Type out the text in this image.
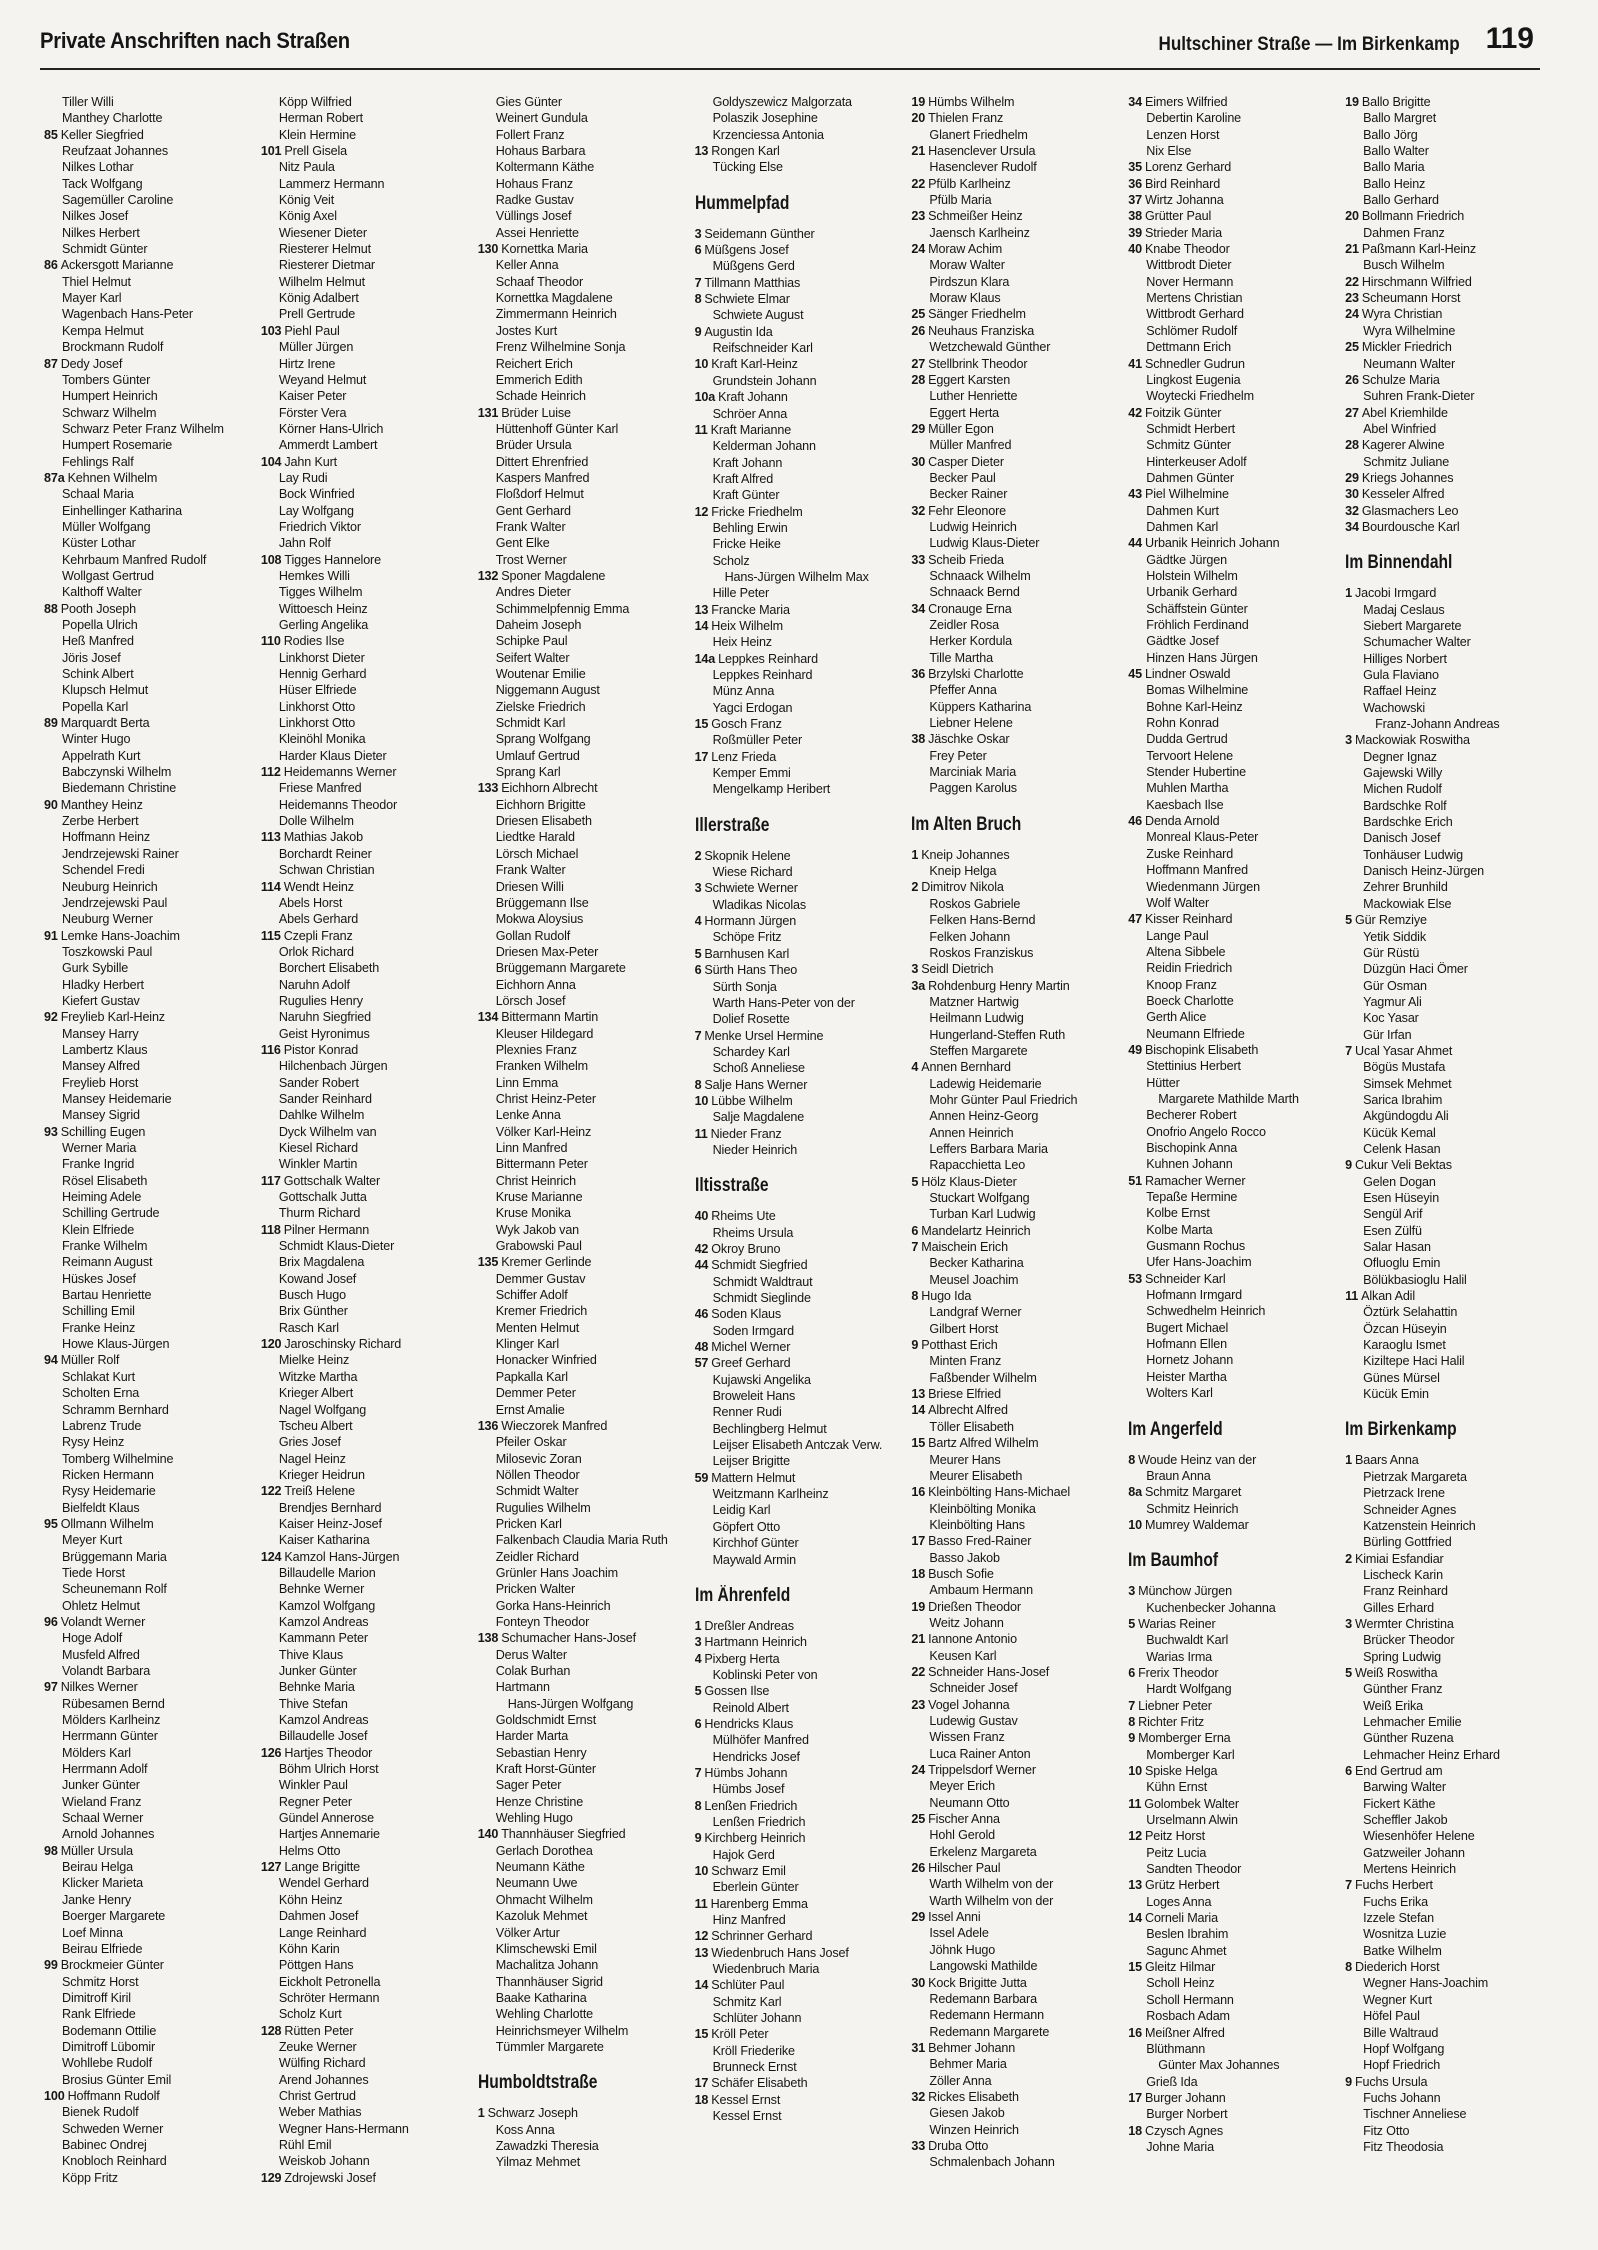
Private Anschriften nach Straßen	Hultschiner Straße — Im Birkenkamp 119
Tiller Willi
Manthey Charlotte
85 Keller Siegfried
Reufzaat Johannes
Nilkes Lothar
Tack Wolfgang
Sagemüller Caroline
Nilkes Josef
Nilkes Herbert
Schmidt Günter
86 Ackersgott Marianne
Thiel Helmut
Mayer Karl
Wagenbach Hans-Peter
Kempa Helmut
Brockmann Rudolf
87 Dedy Josef
Tombers Günter
Humpert Heinrich
Schwarz Wilhelm
Schwarz Peter Franz Wilhelm
Humpert Rosemarie
Fehlings Ralf
87a Kehnen Wilhelm
Schaal Maria
Einhellinger Katharina
Müller Wolfgang
Küster Lothar
Kehrbaum Manfred Rudolf
Wollgast Gertrud
Kalthoff Walter
88 Pooth Joseph
Popella Ulrich
Heß Manfred
Jöris Josef
Schink Albert
Klupsch Helmut
Popella Karl
89 Marquardt Berta
Winter Hugo
Appelrath Kurt
Babczynski Wilhelm
Biedemann Christine
90 Manthey Heinz
Zerbe Herbert
Hoffmann Heinz
Jendrzejewski Rainer
Schendel Fredi
Neuburg Heinrich
Jendrzejewski Paul
Neuburg Werner
91 Lemke Hans-Joachim
Toszkowski Paul
Gurk Sybille
Hladky Herbert
Kiefert Gustav
92 Freylieb Karl-Heinz
Mansey Harry
Lambertz Klaus
Mansey Alfred
Freylieb Horst
Mansey Heidemarie
Mansey Sigrid
93 Schilling Eugen
Werner Maria
Franke Ingrid
Rösel Elisabeth
Heiming Adele
Schilling Gertrude
Klein Elfriede
Franke Wilhelm
Reimann August
Hüskes Josef
Bartau Henriette
Schilling Emil
Franke Heinz
Howe Klaus-Jürgen
94 Müller Rolf
Schlakat Kurt
Scholten Erna
Schramm Bernhard
Labrenz Trude
Rysy Heinz
Tomberg Wilhelmine
Ricken Hermann
Rysy Heidemarie
Bielfeldt Klaus
95 Ollmann Wilhelm
Meyer Kurt
Brüggemann Maria
Tiede Horst
Scheunemann Rolf
Ohletz Helmut
96 Volandt Werner
Hoge Adolf
Musfeld Alfred
Volandt Barbara
97 Nilkes Werner
Rübesamen Bernd
Mölders Karlheinz
Herrmann Günter
Mölders Karl
Herrmann Adolf
Junker Günter
Wieland Franz
Schaal Werner
Arnold Johannes
98 Müller Ursula
Beirau Helga
Klicker Marieta
Janke Henry
Boerger Margarete
Loef Minna
Beirau Elfriede
99 Brockmeier Günter
Schmitz Horst
Dimitroff Kiril
Rank Elfriede
Bodemann Ottilie
Dimitroff Lübomir
Wohllebe Rudolf
Brosius Günter Emil
100 Hoffmann Rudolf
Bienek Rudolf
Schweden Werner
Babinec Ondrej
Knobloch Reinhard
Köpp Fritz
Köpp Wilfried
Herman Robert
Klein Hermine
101 Prell Gisela
Nitz Paula
Lammerz Hermann
König Veit
König Axel
Wiesener Dieter
Riesterer Helmut
Riesterer Dietmar
Wilhelm Helmut
König Adalbert
Prell Gertrude
103 Piehl Paul
Müller Jürgen
Hirtz Irene
Weyand Helmut
Kaiser Peter
Förster Vera
Körner Hans-Ulrich
Ammerdt Lambert
104 Jahn Kurt
Lay Rudi
Bock Winfried
Lay Wolfgang
Friedrich Viktor
Jahn Rolf
108 Tigges Hannelore
Hemkes Willi
Tigges Wilhelm
Wittoesch Heinz
Gerling Angelika
110 Rodies Ilse
Linkhorst Dieter
Hennig Gerhard
Hüser Elfriede
Linkhorst Otto
Linkhorst Otto
Kleinöhl Monika
Harder Klaus Dieter
112 Heidemanns Werner
Friese Manfred
Heidemanns Theodor
Dolle Wilhelm
113 Mathias Jakob
Borchardt Reiner
Schwan Christian
114 Wendt Heinz
Abels Horst
Abels Gerhard
115 Czepli Franz
Orlok Richard
Borchert Elisabeth
Naruhn Adolf
Rugulies Henry
Naruhn Siegfried
Geist Hyronimus
116 Pistor Konrad
Hilchenbach Jürgen
Sander Robert
Sander Reinhard
Dahlke Wilhelm
Dyck Wilhelm van
Kiesel Richard
Winkler Martin
117 Gottschalk Walter
Gottschalk Jutta
Thurm Richard
118 Pilner Hermann
Schmidt Klaus-Dieter
Brix Magdalena
Kowand Josef
Busch Hugo
Brix Günther
Rasch Karl
120 Jaroschinsky Richard
Mielke Heinz
Witzke Martha
Krieger Albert
Nagel Wolfgang
Tscheu Albert
Gries Josef
Nagel Heinz
Krieger Heidrun
122 Treiß Helene
Brendjes Bernhard
Kaiser Heinz-Josef
Kaiser Katharina
124 Kamzol Hans-Jürgen
Billaudelle Marion
Behnke Werner
Kamzol Wolfgang
Kamzol Andreas
Kammann Peter
Thive Klaus
Junker Günter
Behnke Maria
Thive Stefan
Kamzol Andreas
Billaudelle Josef
126 Hartjes Theodor
Böhm Ulrich Horst
Winkler Paul
Regner Peter
Gündel Annerose
Hartjes Annemarie
Helms Otto
127 Lange Brigitte
Wendel Gerhard
Köhn Heinz
Dahmen Josef
Lange Reinhard
Köhn Karin
Pöttgen Hans
Eickholt Petronella
Schröter Hermann
Scholz Kurt
128 Rütten Peter
Zeuke Werner
Wülfing Richard
Arend Johannes
Christ Gertrud
Weber Mathias
Wegner Hans-Hermann
Rühl Emil
Weiskob Johann
129 Zdrojewski Josef
Gies Günter
Weinert Gundula
Follert Franz
Hohaus Barbara
Koltermann Käthe
Hohaus Franz
Radke Gustav
Vüllings Josef
Assei Henriette
130 Kornettka Maria
Keller Anna
Schaaf Theodor
Kornettka Magdalene
Zimmermann Heinrich
Jostes Kurt
Frenz Wilhelmine Sonja
Reichert Erich
Emmerich Edith
Schade Heinrich
131 Brüder Luise
Hüttenhoff Günter Karl
Brüder Ursula
Dittert Ehrenfried
Kaspers Manfred
Floßdorf Helmut
Gent Gerhard
Frank Walter
Gent Elke
Trost Werner
132 Sponer Magdalene
Andres Dieter
Schimmelpfennig Emma
Daheim Joseph
Schipke Paul
Seifert Walter
Woutenar Emilie
Niggemann August
Zielske Friedrich
Schmidt Karl
Sprang Wolfgang
Umlauf Gertrud
Sprang Karl
133 Eichhorn Albrecht
Eichhorn Brigitte
Driesen Elisabeth
Liedtke Harald
Lörsch Michael
Frank Walter
Driesen Willi
Brüggemann Ilse
Mokwa Aloysius
Gollan Rudolf
Driesen Max-Peter
Brüggemann Margarete
Eichhorn Anna
Lörsch Josef
134 Bittermann Martin
Kleuser Hildegard
Plexnies Franz
Franken Wilhelm
Linn Emma
Christ Heinz-Peter
Lenke Anna
Völker Karl-Heinz
Linn Manfred
Bittermann Peter
Christ Heinrich
Kruse Marianne
Kruse Monika
Wyk Jakob van
Grabowski Paul
135 Kremer Gerlinde
Demmer Gustav
Schiffer Adolf
Kremer Friedrich
Menten Helmut
Klinger Karl
Honacker Winfried
Papkalla Karl
Demmer Peter
Ernst Amalie
136 Wieczorek Manfred
Pfeiler Oskar
Milosevic Zoran
Nöllen Theodor
Schmidt Walter
Rugulies Wilhelm
Pricken Karl
Falkenbach Claudia Maria Ruth
Zeidler Richard
Grünler Hans Joachim
Pricken Walter
Gorka Hans-Heinrich
Fonteyn Theodor
138 Schumacher Hans-Josef
Derus Walter
Colak Burhan
Hartmann
Hans-Jürgen Wolfgang
Goldschmidt Ernst
Harder Marta
Sebastian Henry
Kraft Horst-Günter
Sager Peter
Henze Christine
Wehling Hugo
140 Thannhäuser Siegfried
Gerlach Dorothea
Neumann Käthe
Neumann Uwe
Ohmacht Wilhelm
Kazoluk Mehmet
Völker Artur
Klimschewski Emil
Machalitza Johann
Thannhäuser Sigrid
Baake Katharina
Wehling Charlotte
Heinrichsmeyer Wilhelm
Tümmler Margarete
Humboldtstraße
1 Schwarz Joseph
Koss Anna
Zawadzki Theresia
Yilmaz Mehmet
Goldyszewicz Malgorzata
Polaszik Josephine
Krzenciessa Antonia
13 Rongen Karl
Tücking Else
Hummelpfad
3 Seidemann Günther
6 Müßgens Josef
Müßgens Gerd
7 Tillmann Matthias
8 Schwiete Elmar
Schwiete August
9 Augustin Ida
Reifschneider Karl
10 Kraft Karl-Heinz
Grundstein Johann
10a Kraft Johann
Schröer Anna
11 Kraft Marianne
Kelderman Johann
Kraft Johann
Kraft Alfred
Kraft Günter
12 Fricke Friedhelm
Behling Erwin
Fricke Heike
Scholz
Hans-Jürgen Wilhelm Max
Hille Peter
13 Francke Maria
14 Heix Wilhelm
Heix Heinz
14a Leppkes Reinhard
Leppkes Reinhard
Münz Anna
Yagci Erdogan
15 Gosch Franz
Roßmüller Peter
17 Lenz Frieda
Kemper Emmi
Mengelkamp Heribert
Illerstraße
2 Skopnik Helene
Wiese Richard
3 Schwiete Werner
Wladikas Nicolas
4 Hormann Jürgen
Schöpe Fritz
5 Barnhusen Karl
6 Sürth Hans Theo
Sürth Sonja
Warth Hans-Peter von der
Dolief Rosette
7 Menke Ursel Hermine
Schardey Karl
Schoß Anneliese
8 Salje Hans Werner
10 Lübbe Wilhelm
Salje Magdalene
11 Nieder Franz
Nieder Heinrich
Iltisstraße
40 Rheims Ute
Rheims Ursula
42 Okroy Bruno
44 Schmidt Siegfried
Schmidt Waldtraut
Schmidt Sieglinde
46 Soden Klaus
Soden Irmgard
48 Michel Werner
57 Greef Gerhard
Kujawski Angelika
Broweleit Hans
Renner Rudi
Bechlingberg Helmut
Leijser Elisabeth Antczak Verw.
Leijser Brigitte
59 Mattern Helmut
Weitzmann Karlheinz
Leidig Karl
Göpfert Otto
Kirchhof Günter
Maywald Armin
Im Ährenfeld
1 Dreßler Andreas
3 Hartmann Heinrich
4 Pixberg Herta
Koblinski Peter von
5 Gossen Ilse
Reinold Albert
6 Hendricks Klaus
Mülhöfer Manfred
Hendricks Josef
7 Hümbs Johann
Hümbs Josef
8 Lenßen Friedrich
Lenßen Friedrich
9 Kirchberg Heinrich
Hajok Gerd
10 Schwarz Emil
Eberlein Günter
11 Harenberg Emma
Hinz Manfred
12 Schrinner Gerhard
13 Wiedenbruch Hans Josef
Wiedenbruch Maria
14 Schlüter Paul
Schmitz Karl
Schlüter Johann
15 Kröll Peter
Kröll Friederike
Brunneck Ernst
17 Schäfer Elisabeth
18 Kessel Ernst
Kessel Ernst
19 Hümbs Wilhelm
20 Thielen Franz
Glanert Friedhelm
21 Hasenclever Ursula
Hasenclever Rudolf
22 Pfülb Karlheinz
Pfülb Maria
23 Schmeißer Heinz
Jaensch Karlheinz
24 Moraw Achim
Moraw Walter
Pirdszun Klara
Moraw Klaus
25 Sänger Friedhelm
26 Neuhaus Franziska
Wetzchewald Günther
27 Stellbrink Theodor
28 Eggert Karsten
Luther Henriette
Eggert Herta
29 Müller Egon
Müller Manfred
30 Casper Dieter
Becker Paul
Becker Rainer
32 Fehr Eleonore
Ludwig Heinrich
Ludwig Klaus-Dieter
33 Scheib Frieda
Schnaack Wilhelm
Schnaack Bernd
34 Cronauge Erna
Zeidler Rosa
Herker Kordula
Tille Martha
36 Brzylski Charlotte
Pfeffer Anna
Küppers Katharina
Liebner Helene
38 Jäschke Oskar
Frey Peter
Marciniak Maria
Paggen Karolus
Im Alten Bruch
1 Kneip Johannes
Kneip Helga
2 Dimitrov Nikola
Roskos Gabriele
Felken Hans-Bernd
Felken Johann
Roskos Franziskus
3 Seidl Dietrich
3a Rohdenburg Henry Martin
Matzner Hartwig
Heilmann Ludwig
Hungerland-Steffen Ruth
Steffen Margarete
4 Annen Bernhard
Ladewig Heidemarie
Mohr Günter Paul Friedrich
Annen Heinz-Georg
Annen Heinrich
Leffers Barbara Maria
Rapacchietta Leo
5 Hölz Klaus-Dieter
Stuckart Wolfgang
Turban Karl Ludwig
6 Mandelartz Heinrich
7 Maischein Erich
Becker Katharina
Meusel Joachim
8 Hugo Ida
Landgraf Werner
Gilbert Horst
9 Potthast Erich
Minten Franz
Faßbender Wilhelm
13 Briese Elfried
14 Albrecht Alfred
Töller Elisabeth
15 Bartz Alfred Wilhelm
Meurer Hans
Meurer Elisabeth
16 Kleinbölting Hans-Michael
Kleinbölting Monika
Kleinbölting Hans
17 Basso Fred-Rainer
Basso Jakob
18 Busch Sofie
Ambaum Hermann
19 Drießen Theodor
Weitz Johann
21 Iannone Antonio
Keusen Karl
22 Schneider Hans-Josef
Schneider Josef
23 Vogel Johanna
Ludewig Gustav
Wissen Franz
Luca Rainer Anton
24 Trippelsdorf Werner
Meyer Erich
Neumann Otto
25 Fischer Anna
Hohl Gerold
Erkelenz Margareta
26 Hilscher Paul
Warth Wilhelm von der
Warth Wilhelm von der
29 Issel Anni
Issel Adele
Jöhnk Hugo
Langowski Mathilde
30 Kock Brigitte Jutta
Redemann Barbara
Redemann Hermann
Redemann Margarete
31 Behmer Johann
Behmer Maria
Zöller Anna
32 Rickes Elisabeth
Giesen Jakob
Winzen Heinrich
33 Druba Otto
Schmalenbach Johann
34 Eimers Wilfried
Debertin Karoline
Lenzen Horst
Nix Else
35 Lorenz Gerhard
36 Bird Reinhard
37 Wirtz Johanna
38 Grütter Paul
39 Strieder Maria
40 Knabe Theodor
Wittbrodt Dieter
Nover Hermann
Mertens Christian
Wittbrodt Gerhard
Schlömer Rudolf
Dettmann Erich
41 Schnedler Gudrun
Lingkost Eugenia
Woytecki Friedhelm
42 Foitzik Günter
Schmidt Herbert
Schmitz Günter
Hinterkeuser Adolf
Dahmen Günter
43 Piel Wilhelmine
Dahmen Kurt
Dahmen Karl
44 Urbanik Heinrich Johann
Gädtke Jürgen
Holstein Wilhelm
Urbanik Gerhard
Schäffstein Günter
Fröhlich Ferdinand
Gädtke Josef
Hinzen Hans Jürgen
45 Lindner Oswald
Bomas Wilhelmine
Bohne Karl-Heinz
Rohn Konrad
Dudda Gertrud
Tervoort Helene
Stender Hubertine
Muhlen Martha
Kaesbach Ilse
46 Denda Arnold
Monreal Klaus-Peter
Zuske Reinhard
Hoffmann Manfred
Wiedenmann Jürgen
Wolf Walter
47 Kisser Reinhard
Lange Paul
Altena Sibbele
Reidin Friedrich
Knoop Franz
Boeck Charlotte
Gerth Alice
Neumann Elfriede
49 Bischopink Elisabeth
Stettinius Herbert
Hütter
Margarete Mathilde Marth
Becherer Robert
Onofrio Angelo Rocco
Bischopink Anna
Kuhnen Johann
51 Ramacher Werner
Tepaße Hermine
Kolbe Ernst
Kolbe Marta
Gusmann Rochus
Ufer Hans-Joachim
53 Schneider Karl
Hofmann Irmgard
Schwedhelm Heinrich
Bugert Michael
Hofmann Ellen
Hornetz Johann
Heister Martha
Wolters Karl
Im Angerfeld
8 Woude Heinz van der
Braun Anna
8a Schmitz Margaret
Schmitz Heinrich
10 Mumrey Waldemar
Im Baumhof
3 Münchow Jürgen
Kuchenbecker Johanna
5 Warias Reiner
Buchwaldt Karl
Warias Irma
6 Frerix Theodor
Hardt Wolfgang
7 Liebner Peter
8 Richter Fritz
9 Momberger Erna
Momberger Karl
10 Spiske Helga
Kühn Ernst
11 Golombek Walter
Urselmann Alwin
12 Peitz Horst
Peitz Lucia
Sandten Theodor
13 Grütz Herbert
Loges Anna
14 Corneli Maria
Beslen Ibrahim
Sagunc Ahmet
15 Gleitz Hilmar
Scholl Heinz
Scholl Hermann
Rosbach Adam
16 Meißner Alfred
Blüthmann
Günter Max Johannes
Grieß Ida
17 Burger Johann
Burger Norbert
18 Czysch Agnes
Johne Maria
19 Ballo Brigitte
Ballo Margret
Ballo Jörg
Ballo Walter
Ballo Maria
Ballo Heinz
Ballo Gerhard
20 Bollmann Friedrich
Dahmen Franz
21 Paßmann Karl-Heinz
Busch Wilhelm
22 Hirschmann Wilfried
23 Scheumann Horst
24 Wyra Christian
Wyra Wilhelmine
25 Mickler Friedrich
Neumann Walter
26 Schulze Maria
Suhren Frank-Dieter
27 Abel Kriemhilde
Abel Winfried
28 Kagerer Alwine
Schmitz Juliane
29 Kriegs Johannes
30 Kesseler Alfred
32 Glasmachers Leo
34 Bourdousche Karl
Im Binnendahl
1 Jacobi Irmgard
Madaj Ceslaus
Siebert Margarete
Schumacher Walter
Hilliges Norbert
Gula Flaviano
Raffael Heinz
Wachowski
Franz-Johann Andreas
3 Mackowiak Roswitha
Degner Ignaz
Gajewski Willy
Michen Rudolf
Bardschke Rolf
Bardschke Erich
Danisch Josef
Tonhäuser Ludwig
Danisch Heinz-Jürgen
Zehrer Brunhild
Mackowiak Else
5 Gür Remziye
Yetik Siddik
Gür Rüstü
Düzgün Haci Ömer
Gür Osman
Yagmur Ali
Koc Yasar
Gür Irfan
7 Ucal Yasar Ahmet
Bögüs Mustafa
Simsek Mehmet
Sarica Ibrahim
Akgündogdu Ali
Kücük Kemal
Celenk Hasan
9 Cukur Veli Bektas
Gelen Dogan
Esen Hüseyin
Sengül Arif
Esen Zülfü
Salar Hasan
Ofluoglu Emin
Bölükbasioglu Halil
11 Alkan Adil
Öztürk Selahattin
Özcan Hüseyin
Karaoglu Ismet
Kiziltepe Haci Halil
Günes Mürsel
Kücük Emin
Im Birkenkamp
1 Baars Anna
Pietrzak Margareta
Pietrzack Irene
Schneider Agnes
Katzenstein Heinrich
Bürling Gottfried
2 Kimiai Esfandiar
Lischeck Karin
Franz Reinhard
Gilles Erhard
3 Wermter Christina
Brücker Theodor
Spring Ludwig
5 Weiß Roswitha
Günther Franz
Weiß Erika
Lehmacher Emilie
Günther Ruzena
Lehmacher Heinz Erhard
6 End Gertrud am
Barwing Walter
Fickert Käthe
Scheffler Jakob
Wiesenhöfer Helene
Gatzweiler Johann
Mertens Heinrich
7 Fuchs Herbert
Fuchs Erika
Izzele Stefan
Wosnitza Luzie
Batke Wilhelm
8 Diederich Horst
Wegner Hans-Joachim
Wegner Kurt
Höfel Paul
Bille Waltraud
Hopf Wolfgang
Hopf Friedrich
9 Fuchs Ursula
Fuchs Johann
Tischner Anneliese
Fitz Otto
Fitz Theodosia
